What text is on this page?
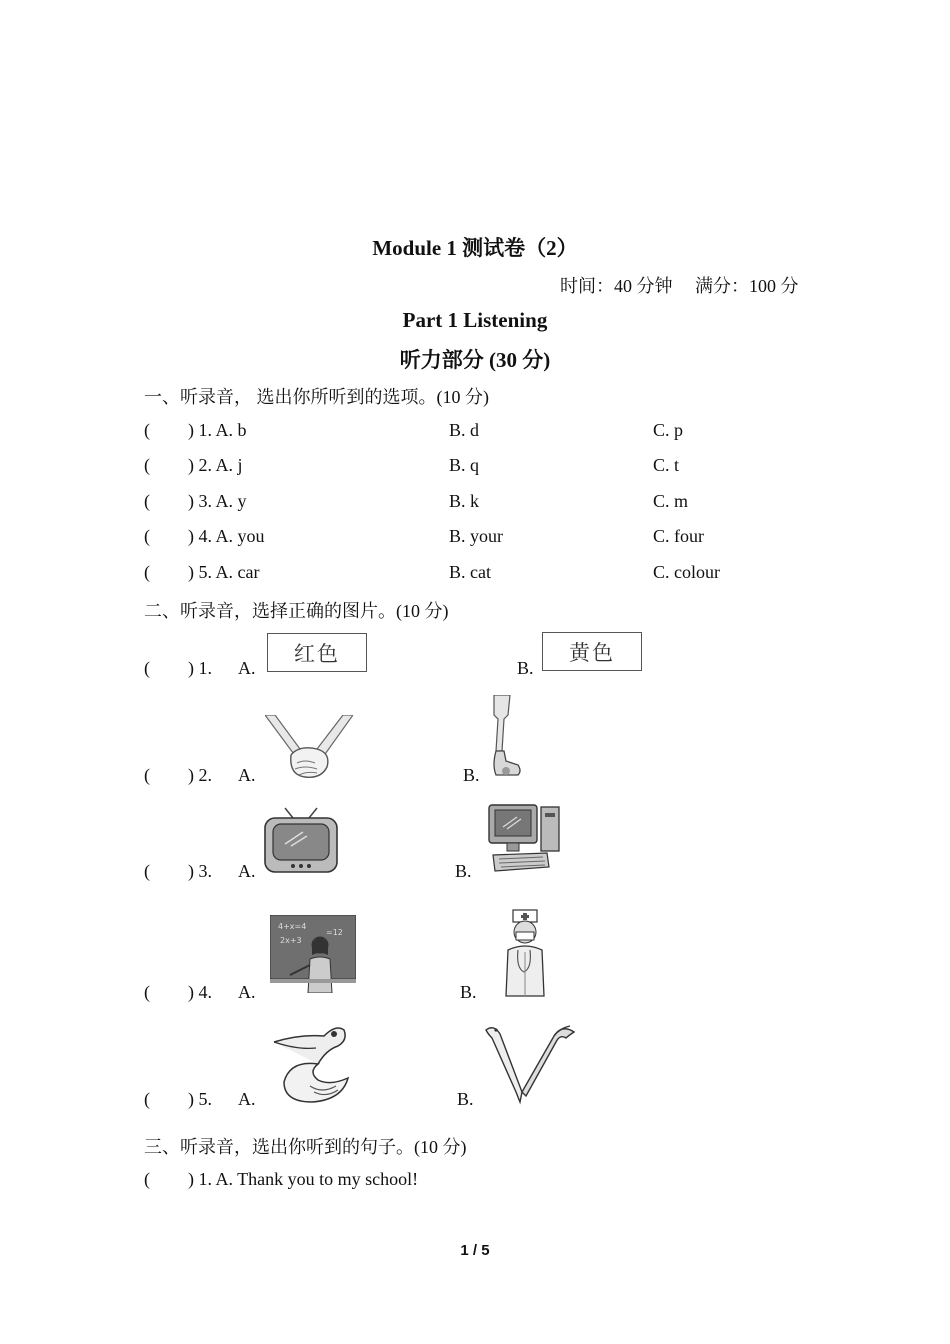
Module 1 测试卷（2）
时间：40 分钟　 满分：100 分
Part 1 Listening
听力部分 (30 分)
一、听录音， 选出你所听到的选项。(10 分)
( ) 1. A. b	B. d	C. p
( ) 2. A. j	B. q	C. t
( ) 3. A. y	B. k	C. m
( ) 4. A. you	B. your	C. four
( ) 5. A. car	B. cat	C. colour
二、听录音，选择正确的图片。(10 分)
( ) 1. A.
红色
B.
黄色
( ) 2. A.	B.
( ) 3. A.	B.
( ) 4. A.
4+x=4
2x+3
=12
B.
( ) 5. A.	B.
三、听录音，选出你听到的句子。(10 分)
( ) 1. A. Thank you to my school!
1 / 5
